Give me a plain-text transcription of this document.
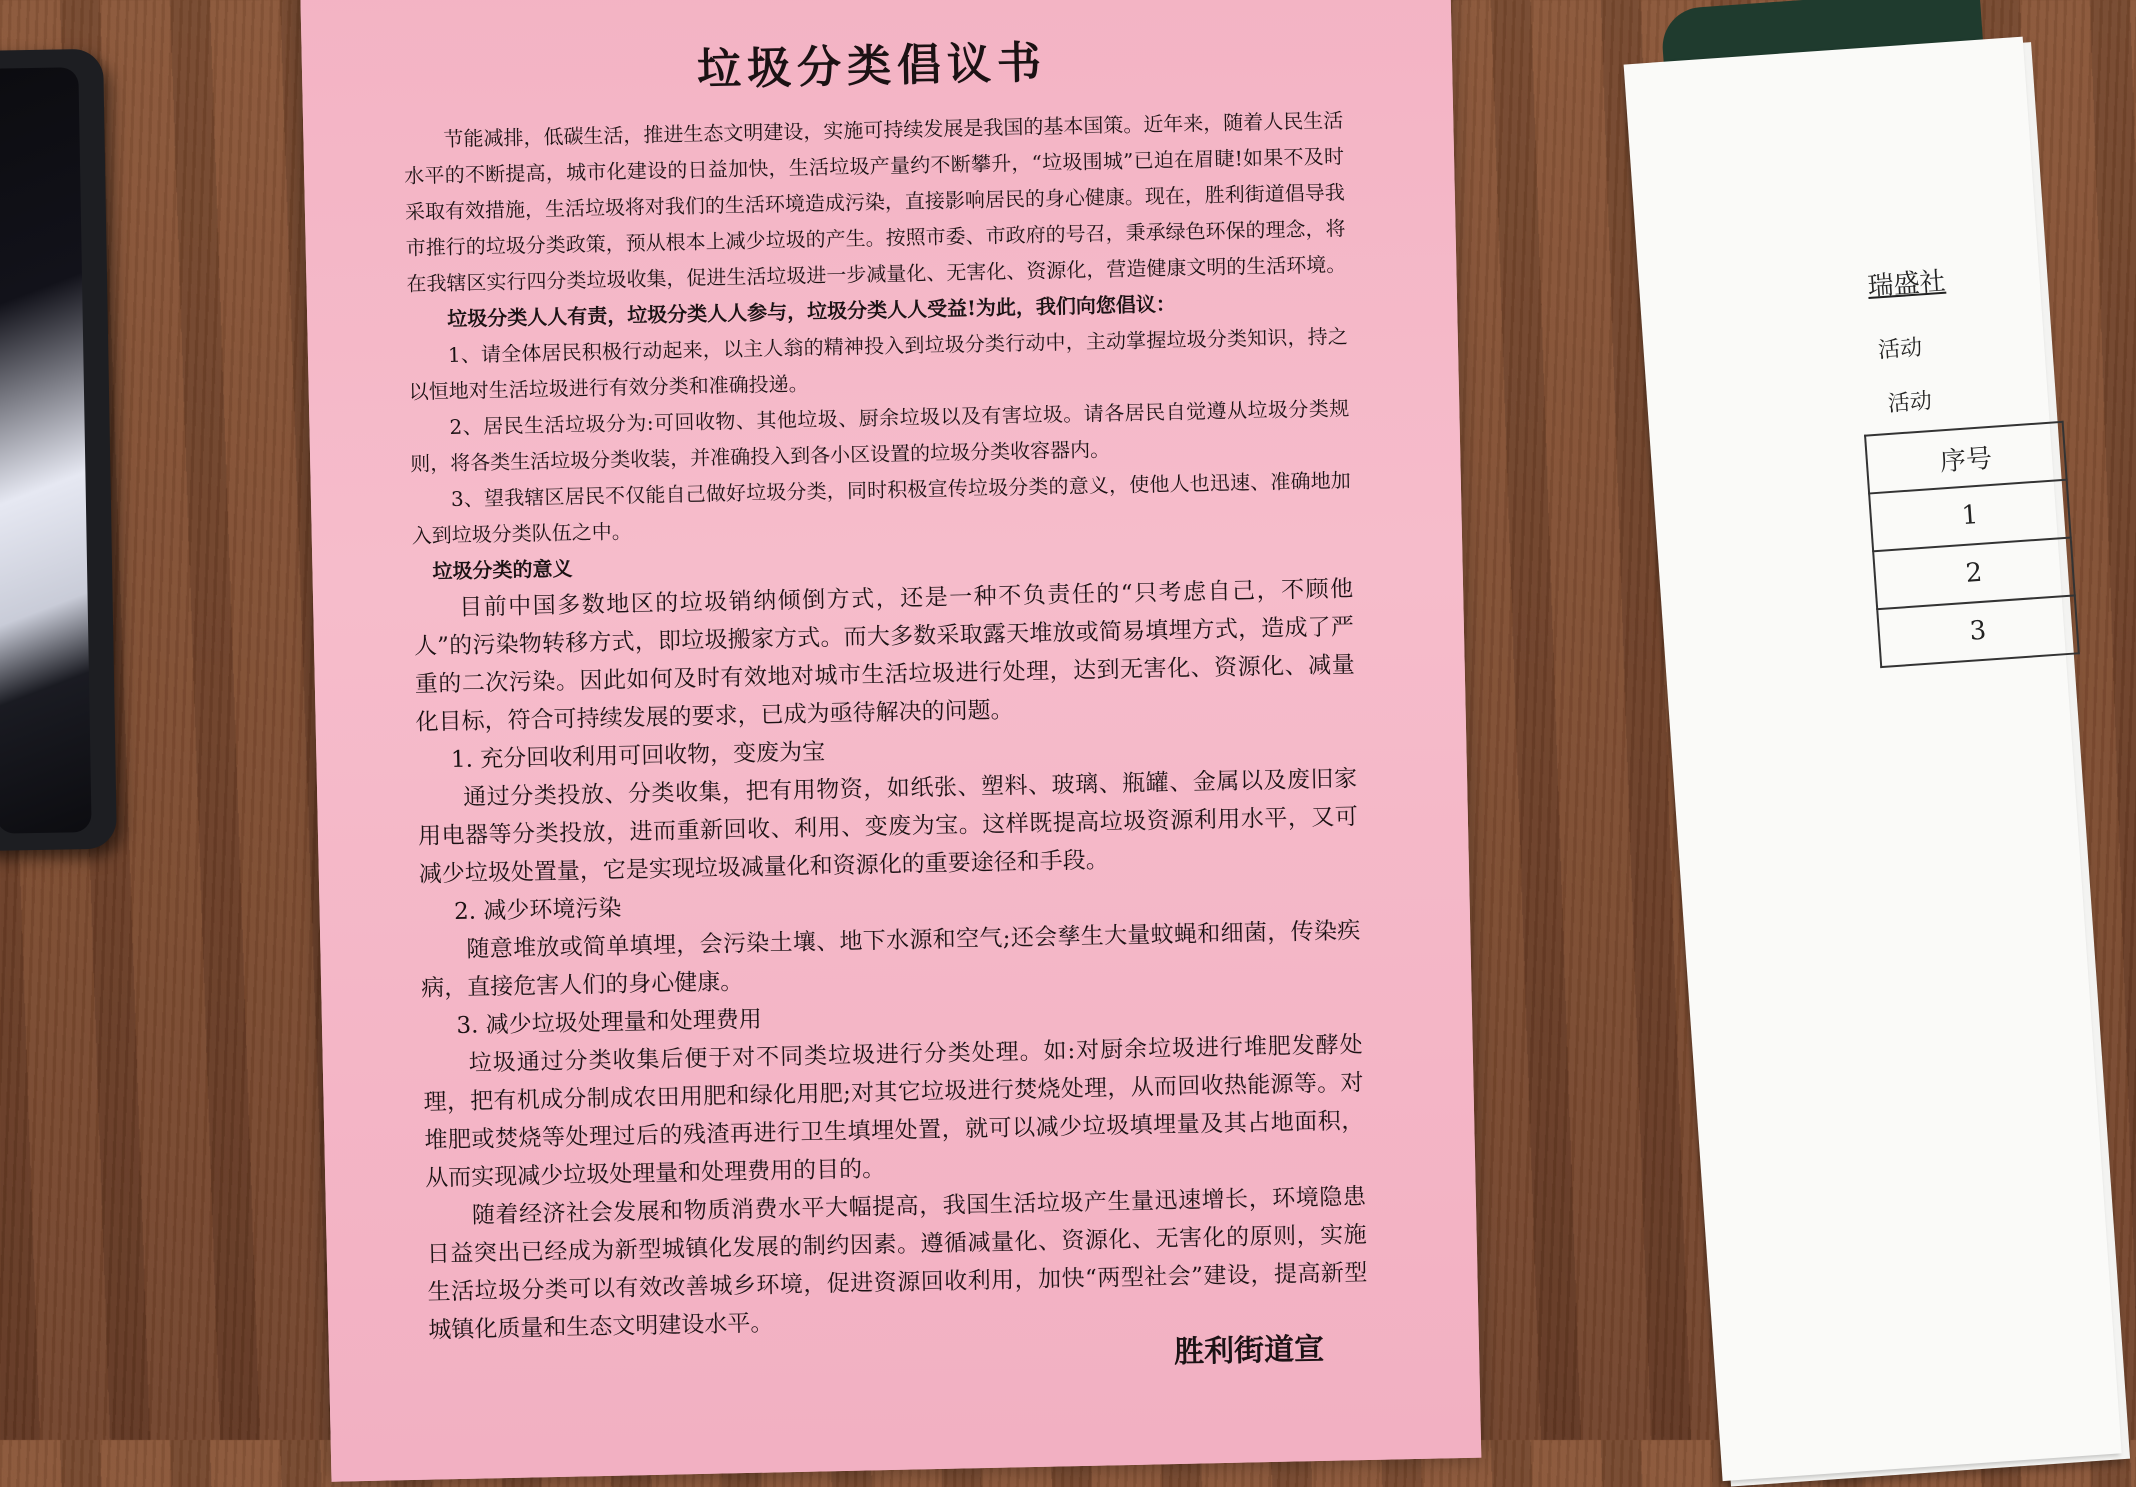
瑞盛社
活动
活动
序号
1
2
3
垃圾分类倡议书

节能减排，低碳生活，推进生态文明建设，实施可持续发展是我国的基本国策。近年来，随着人民生活水平的不断提高，城市化建设的日益加快，生活垃圾产量约不断攀升，“垃圾围城”已迫在眉睫!如果不及时采取有效措施，生活垃圾将对我们的生活环境造成污染，直接影响居民的身心健康。现在，胜利街道倡导我市推行的垃圾分类政策，预从根本上减少垃圾的产生。按照市委、市政府的号召，秉承绿色环保的理念，将在我辖区实行四分类垃圾收集，促进生活垃圾进一步减量化、无害化、资源化，营造健康文明的生活环境。

垃圾分类人人有责，垃圾分类人人参与，垃圾分类人人受益!为此，我们向您倡议：

1、请全体居民积极行动起来，以主人翁的精神投入到垃圾分类行动中，主动掌握垃圾分类知识，持之以恒地对生活垃圾进行有效分类和准确投递。

2、居民生活垃圾分为:可回收物、其他垃圾、厨余垃圾以及有害垃圾。请各居民自觉遵从垃圾分类规则，将各类生活垃圾分类收装，并准确投入到各小区设置的垃圾分类收容器内。

3、望我辖区居民不仅能自己做好垃圾分类，同时积极宣传垃圾分类的意义，使他人也迅速、准确地加入到垃圾分类队伍之中。

垃圾分类的意义

目前中国多数地区的垃圾销纳倾倒方式，还是一种不负责任的“只考虑自己，不顾他人”的污染物转移方式，即垃圾搬家方式。而大多数采取露天堆放或简易填埋方式，造成了严重的二次污染。因此如何及时有效地对城市生活垃圾进行处理，达到无害化、资源化、减量化目标，符合可持续发展的要求，已成为亟待解决的问题。

1. 充分回收利用可回收物，变废为宝

通过分类投放、分类收集，把有用物资，如纸张、塑料、玻璃、瓶罐、金属以及废旧家用电器等分类投放，进而重新回收、利用、变废为宝。这样既提高垃圾资源利用水平，又可减少垃圾处置量，它是实现垃圾减量化和资源化的重要途径和手段。

2. 减少环境污染

随意堆放或简单填埋，会污染土壤、地下水源和空气;还会孳生大量蚊蝇和细菌，传染疾病，直接危害人们的身心健康。

3. 减少垃圾处理量和处理费用

垃圾通过分类收集后便于对不同类垃圾进行分类处理。如:对厨余垃圾进行堆肥发酵处理，把有机成分制成农田用肥和绿化用肥;对其它垃圾进行焚烧处理，从而回收热能源等。对堆肥或焚烧等处理过后的残渣再进行卫生填埋处置，就可以减少垃圾填埋量及其占地面积，从而实现减少垃圾处理量和处理费用的目的。

随着经济社会发展和物质消费水平大幅提高，我国生活垃圾产生量迅速增长，环境隐患日益突出已经成为新型城镇化发展的制约因素。遵循减量化、资源化、无害化的原则，实施生活垃圾分类可以有效改善城乡环境，促进资源回收利用，加快“两型社会”建设，提高新型城镇化质量和生态文明建设水平。

胜利街道宣
